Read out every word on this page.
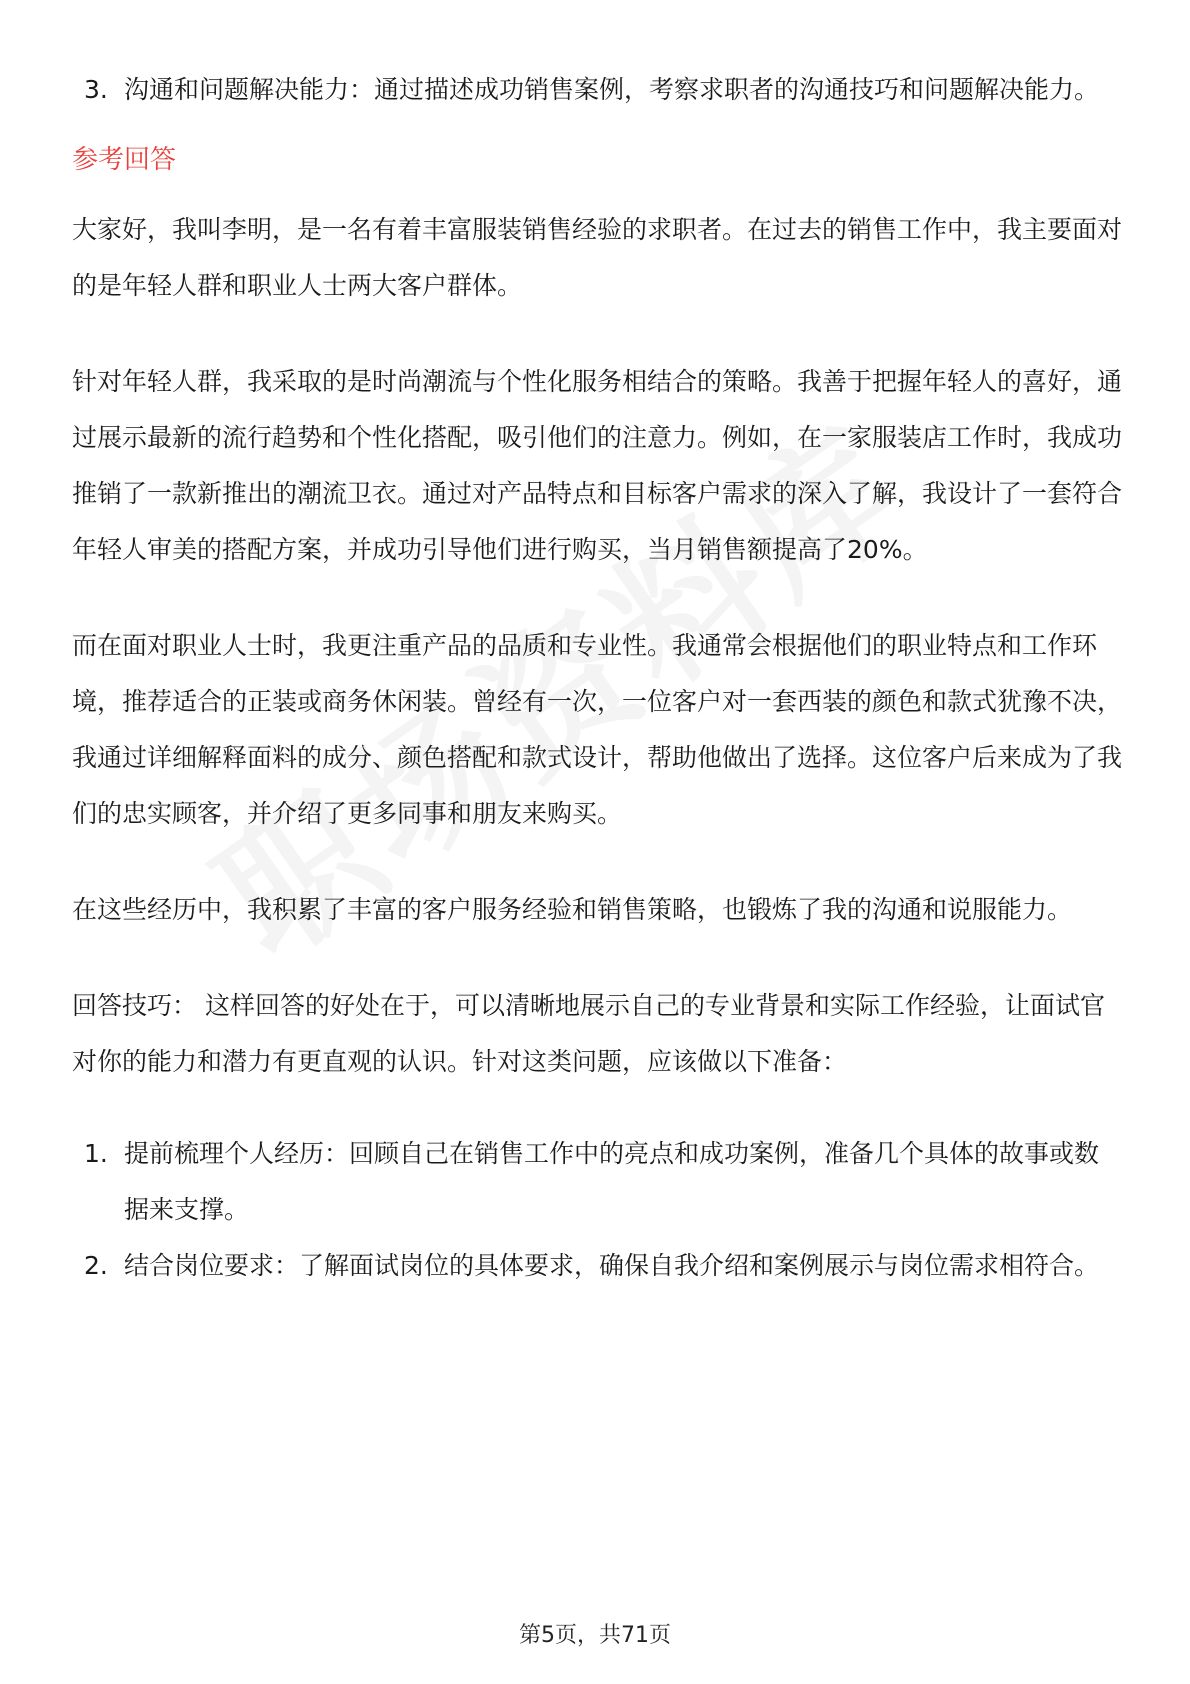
3. 沟通和问题解决能力：通过描述成功销售案例，考察求职者的沟通技巧和问题解决能力。
参考回答

大家好，我叫李明，是一名有着丰富服装销售经验的求职者。在过去的销售工作中，我主要面对的是年轻人群和职业人士两大客户群体。

针对年轻人群，我采取的是时尚潮流与个性化服务相结合的策略。我善于把握年轻人的喜好，通过展示最新的流行趋势和个性化搭配，吸引他们的注意力。例如，在一家服装店工作时，我成功推销了一款新推出的潮流卫衣。通过对产品特点和目标客户需求的深入了解，我设计了一套符合年轻人审美的搭配方案，并成功引导他们进行购买，当月销售额提高了20%。

而在面对职业人士时，我更注重产品的品质和专业性。我通常会根据他们的职业特点和工作环境，推荐适合的正装或商务休闲装。曾经有一次，一位客户对一套西装的颜色和款式犹豫不决，我通过详细解释面料的成分、颜色搭配和款式设计，帮助他做出了选择。这位客户后来成为了我们的忠实顾客，并介绍了更多同事和朋友来购买。

在这些经历中，我积累了丰富的客户服务经验和销售策略，也锻炼了我的沟通和说服能力。

回答技巧： 这样回答的好处在于，可以清晰地展示自己的专业背景和实际工作经验，让面试官对你的能力和潜力有更直观的认识。针对这类问题，应该做以下准备：

1. 提前梳理个人经历：回顾自己在销售工作中的亮点和成功案例，准备几个具体的故事或数据来支撑。
2. 结合岗位要求：了解面试岗位的具体要求，确保自我介绍和案例展示与岗位需求相符合。
第5页，共71页
